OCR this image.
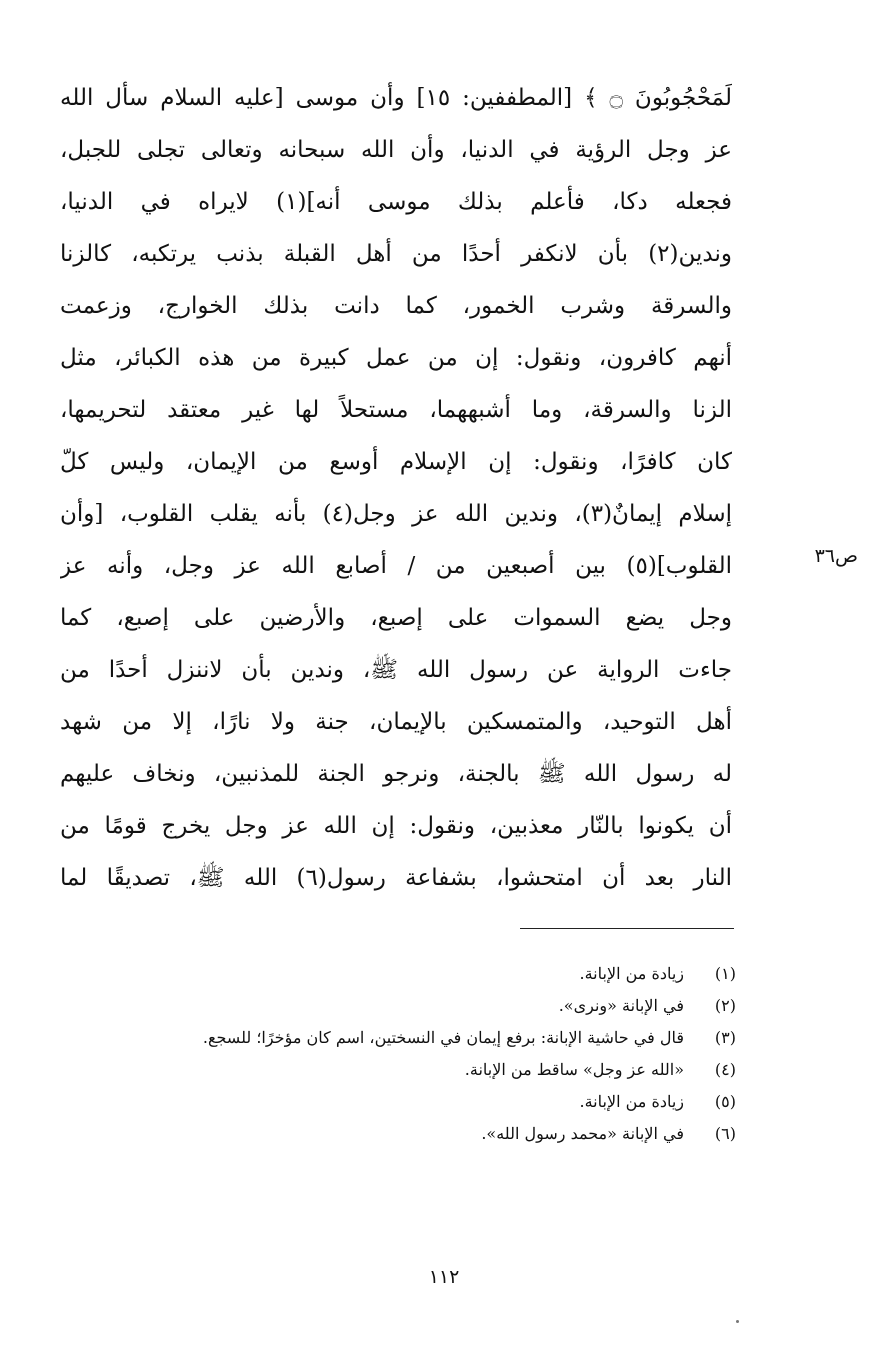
لَمَحْجُوبُونَ ۝ ﴾ [المطففين: ١٥] وأن موسى [عليه السلام سأل الله
عز وجل الرؤية في الدنيا، وأن الله سبحانه وتعالى تجلى للجبل،
فجعله دكا، فأعلم بذلك موسى أنه](١) لايراه في الدنيا،
وندين(٢) بأن لانكفر أحدًا من أهل القبلة بذنب يرتكبه، كالزنا
والسرقة وشرب الخمور، كما دانت بذلك الخوارج، وزعمت
أنهم كافرون، ونقول: إن من عمل كبيرة من هذه الكبائر، مثل
الزنا والسرقة، وما أشبههما، مستحلاً لها غير معتقد لتحريمها،
كان كافرًا، ونقول: إن الإسلام أوسع من الإيمان، وليس كلّ
إسلام إيمانٌ(٣)، وندين الله عز وجل(٤) بأنه يقلب القلوب، [وأن
القلوب](٥) بين أصبعين من / أصابع الله عز وجل، وأنه عز
وجل يضع السموات على إصبع، والأرضين على إصبع، كما
جاءت الرواية عن رسول الله ﷺ، وندين بأن لاننزل أحدًا من
أهل التوحيد، والمتمسكين بالإيمان، جنة ولا نارًا، إلا من شهد
له رسول الله ﷺ بالجنة، ونرجو الجنة للمذنبين، ونخاف عليهم
أن يكونوا بالنّار معذبين، ونقول: إن الله عز وجل يخرج قومًا من
النار بعد أن امتحشوا، بشفاعة رسول(٦) الله ﷺ، تصديقًا لما
ص٣٦
(١)
زيادة من الإبانة.
(٢)
في الإبانة «ونرى».
(٣)
قال في حاشية الإبانة: برفع إيمان في النسختين، اسم كان مؤخرًا؛ للسجع.
(٤)
«الله عز وجل» ساقط من الإبانة.
(٥)
زيادة من الإبانة.
(٦)
في الإبانة «محمد رسول الله».
١١٢
